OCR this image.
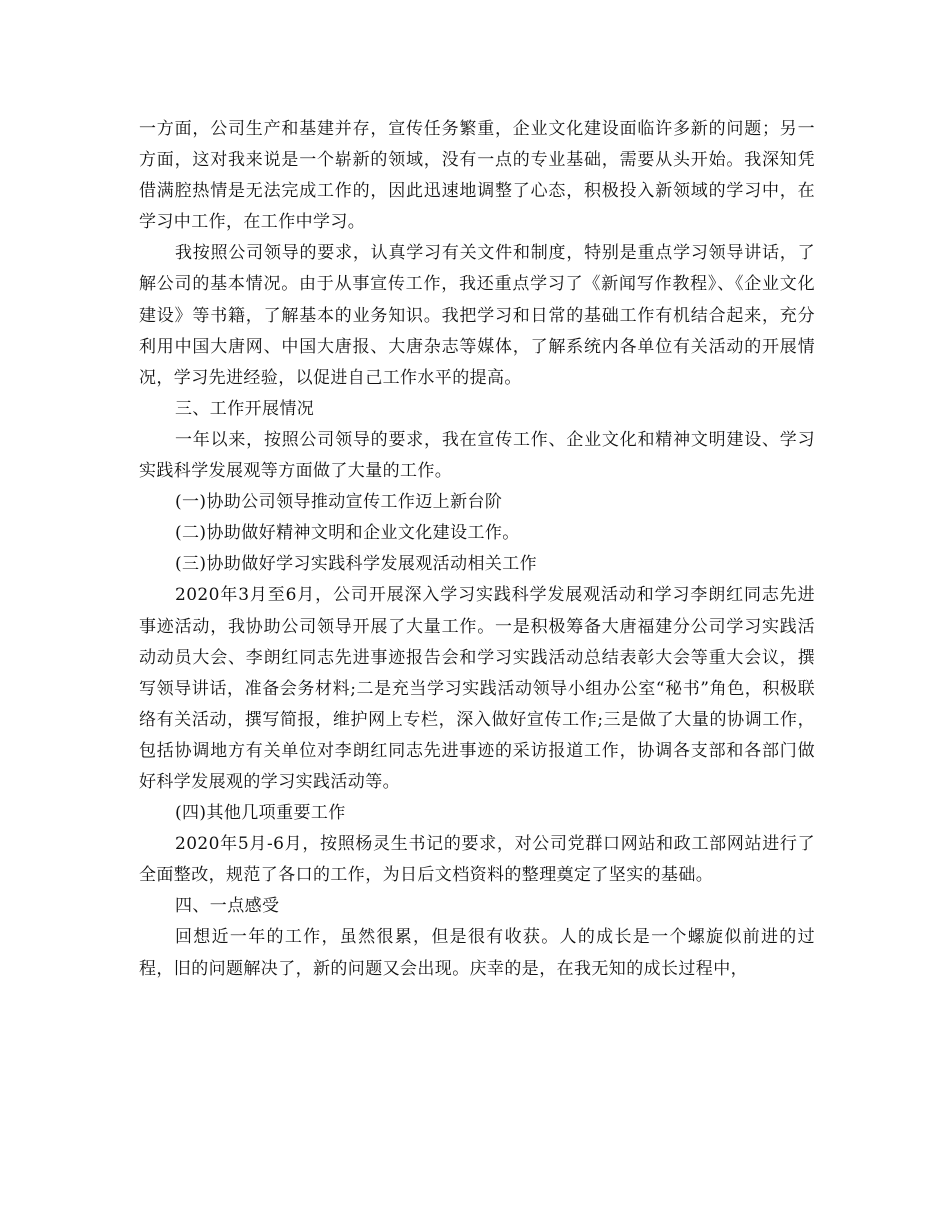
一方面，公司生产和基建并存，宣传任务繁重，企业文化建设面临许多新的问题；另一方面，这对我来说是一个崭新的领域，没有一点的专业基础，需要从头开始。我深知凭借满腔热情是无法完成工作的，因此迅速地调整了心态，积极投入新领域的学习中，在学习中工作，在工作中学习。

我按照公司领导的要求，认真学习有关文件和制度，特别是重点学习领导讲话，了解公司的基本情况。由于从事宣传工作，我还重点学习了《新闻写作教程》、《企业文化建设》等书籍，了解基本的业务知识。我把学习和日常的基础工作有机结合起来，充分利用中国大唐网、中国大唐报、大唐杂志等媒体，了解系统内各单位有关活动的开展情况，学习先进经验，以促进自己工作水平的提高。

三、工作开展情况

一年以来，按照公司领导的要求，我在宣传工作、企业文化和精神文明建设、学习实践科学发展观等方面做了大量的工作。

(一)协助公司领导推动宣传工作迈上新台阶

(二)协助做好精神文明和企业文化建设工作。

(三)协助做好学习实践科学发展观活动相关工作

2020年3月至6月，公司开展深入学习实践科学发展观活动和学习李朗红同志先进事迹活动，我协助公司领导开展了大量工作。一是积极筹备大唐福建分公司学习实践活动动员大会、李朗红同志先进事迹报告会和学习实践活动总结表彰大会等重大会议，撰写领导讲话，准备会务材料;二是充当学习实践活动领导小组办公室“秘书”角色，积极联络有关活动，撰写简报，维护网上专栏，深入做好宣传工作;三是做了大量的协调工作，包括协调地方有关单位对李朗红同志先进事迹的采访报道工作，协调各支部和各部门做好科学发展观的学习实践活动等。

(四)其他几项重要工作

2020年5月-6月，按照杨灵生书记的要求，对公司党群口网站和政工部网站进行了全面整改，规范了各口的工作，为日后文档资料的整理奠定了坚实的基础。

四、一点感受

回想近一年的工作，虽然很累，但是很有收获。人的成长是一个螺旋似前进的过程，旧的问题解决了，新的问题又会出现。庆幸的是，在我无知的成长过程中，
